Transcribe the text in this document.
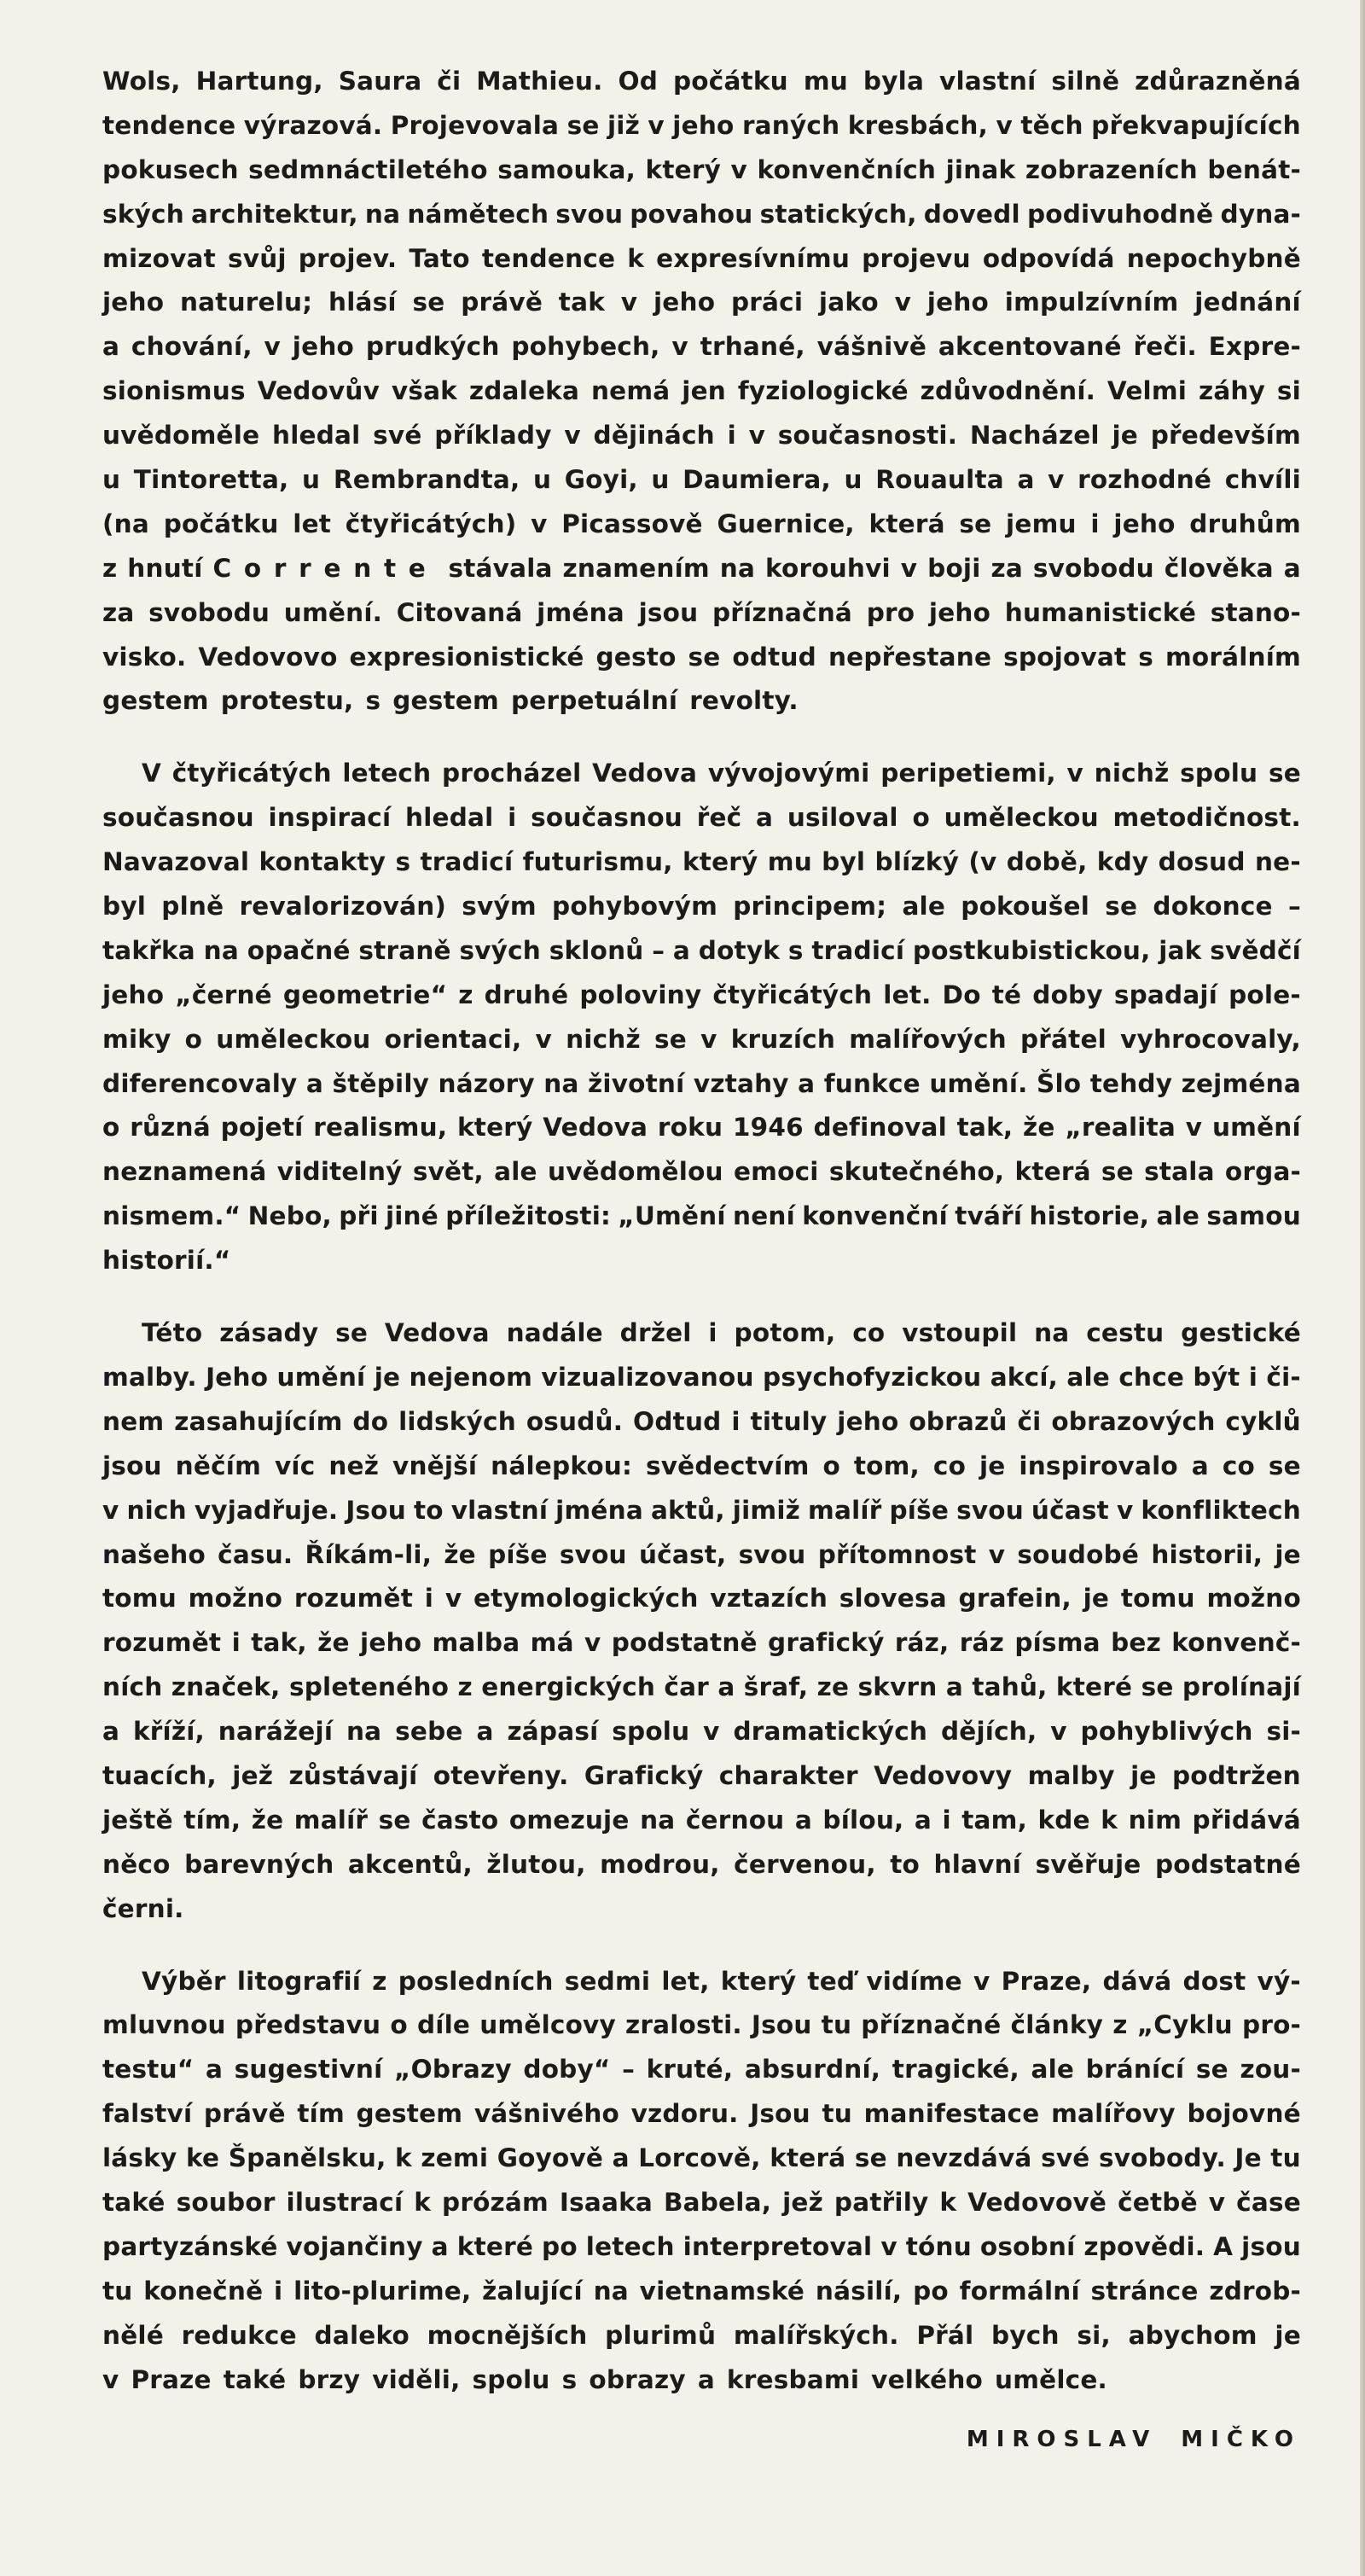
Wols, Hartung, Saura či Mathieu. Od počátku mu byla vlastní silně zdůrazněná
tendence výrazová. Projevovala se již v jeho raných kresbách, v těch překvapujících
pokusech sedmnáctiletého samouka, který v konvenčních jinak zobrazeních benát-
ských architektur, na námětech svou povahou statických, dovedl podivuhodně dyna-
mizovat svůj projev. Tato tendence k expresívnímu projevu odpovídá nepochybně
jeho naturelu; hlásí se právě tak v jeho práci jako v jeho impulzívním jednání
a chování, v jeho prudkých pohybech, v trhané, vášnivě akcentované řeči. Expre-
sionismus Vedovův však zdaleka nemá jen fyziologické zdůvodnění. Velmi záhy si
uvědoměle hledal své příklady v dějinách i v současnosti. Nacházel je především
u Tintoretta, u Rembrandta, u Goyi, u Daumiera, u Rouaulta a v rozhodné chvíli
(na počátku let čtyřicátých) v Picassově Guernice, která se jemu i jeho druhům
z hnutí Corrente stávala znamením na korouhvi v boji za svobodu člověka a
za svobodu umění. Citovaná jména jsou příznačná pro jeho humanistické stano-
visko. Vedovovo expresionistické gesto se odtud nepřestane spojovat s morálním
gestem protestu, s gestem perpetuální revolty.
V čtyřicátých letech procházel Vedova vývojovými peripetiemi, v nichž spolu se
současnou inspirací hledal i současnou řeč a usiloval o uměleckou metodičnost.
Navazoval kontakty s tradicí futurismu, který mu byl blízký (v době, kdy dosud ne-
byl plně revalorizován) svým pohybovým principem; ale pokoušel se dokonce –
takřka na opačné straně svých sklonů – a dotyk s tradicí postkubistickou, jak svědčí
jeho „černé geometrie“ z druhé poloviny čtyřicátých let. Do té doby spadají pole-
miky o uměleckou orientaci, v nichž se v kruzích malířových přátel vyhrocovaly,
diferencovaly a štěpily názory na životní vztahy a funkce umění. Šlo tehdy zejména
o různá pojetí realismu, který Vedova roku 1946 definoval tak, že „realita v umění
neznamená viditelný svět, ale uvědomělou emoci skutečného, která se stala orga-
nismem.“ Nebo, při jiné příležitosti: „Umění není konvenční tváří historie, ale samou
historií.“
Této zásady se Vedova nadále držel i potom, co vstoupil na cestu gestické
malby. Jeho umění je nejenom vizualizovanou psychofyzickou akcí, ale chce být i či-
nem zasahujícím do lidských osudů. Odtud i tituly jeho obrazů či obrazových cyklů
jsou něčím víc než vnější nálepkou: svědectvím o tom, co je inspirovalo a co se
v nich vyjadřuje. Jsou to vlastní jména aktů, jimiž malíř píše svou účast v konfliktech
našeho času. Říkám-li, že píše svou účast, svou přítomnost v soudobé historii, je
tomu možno rozumět i v etymologických vztazích slovesa grafein, je tomu možno
rozumět i tak, že jeho malba má v podstatně grafický ráz, ráz písma bez konvenč-
ních značek, spleteného z energických čar a šraf, ze skvrn a tahů, které se prolínají
a kříží, narážejí na sebe a zápasí spolu v dramatických dějích, v pohyblivých si-
tuacích, jež zůstávají otevřeny. Grafický charakter Vedovovy malby je podtržen
ještě tím, že malíř se často omezuje na černou a bílou, a i tam, kde k nim přidává
něco barevných akcentů, žlutou, modrou, červenou, to hlavní svěřuje podstatné
černi.
Výběr litografií z posledních sedmi let, který teď vidíme v Praze, dává dost vý-
mluvnou představu o díle umělcovy zralosti. Jsou tu příznačné články z „Cyklu pro-
testu“ a sugestivní „Obrazy doby“ – kruté, absurdní, tragické, ale bránící se zou-
falství právě tím gestem vášnivého vzdoru. Jsou tu manifestace malířovy bojovné
lásky ke Španělsku, k zemi Goyově a Lorcově, která se nevzdává své svobody. Je tu
také soubor ilustrací k prózám Isaaka Babela, jež patřily k Vedovově četbě v čase
partyzánské vojančiny a které po letech interpretoval v tónu osobní zpovědi. A jsou
tu konečně i lito-plurime, žalující na vietnamské násilí, po formální stránce zdrob-
nělé redukce daleko mocnějších plurimů malířských. Přál bych si, abychom je
v Praze také brzy viděli, spolu s obrazy a kresbami velkého umělce.
MIROSLAV MIČKO
